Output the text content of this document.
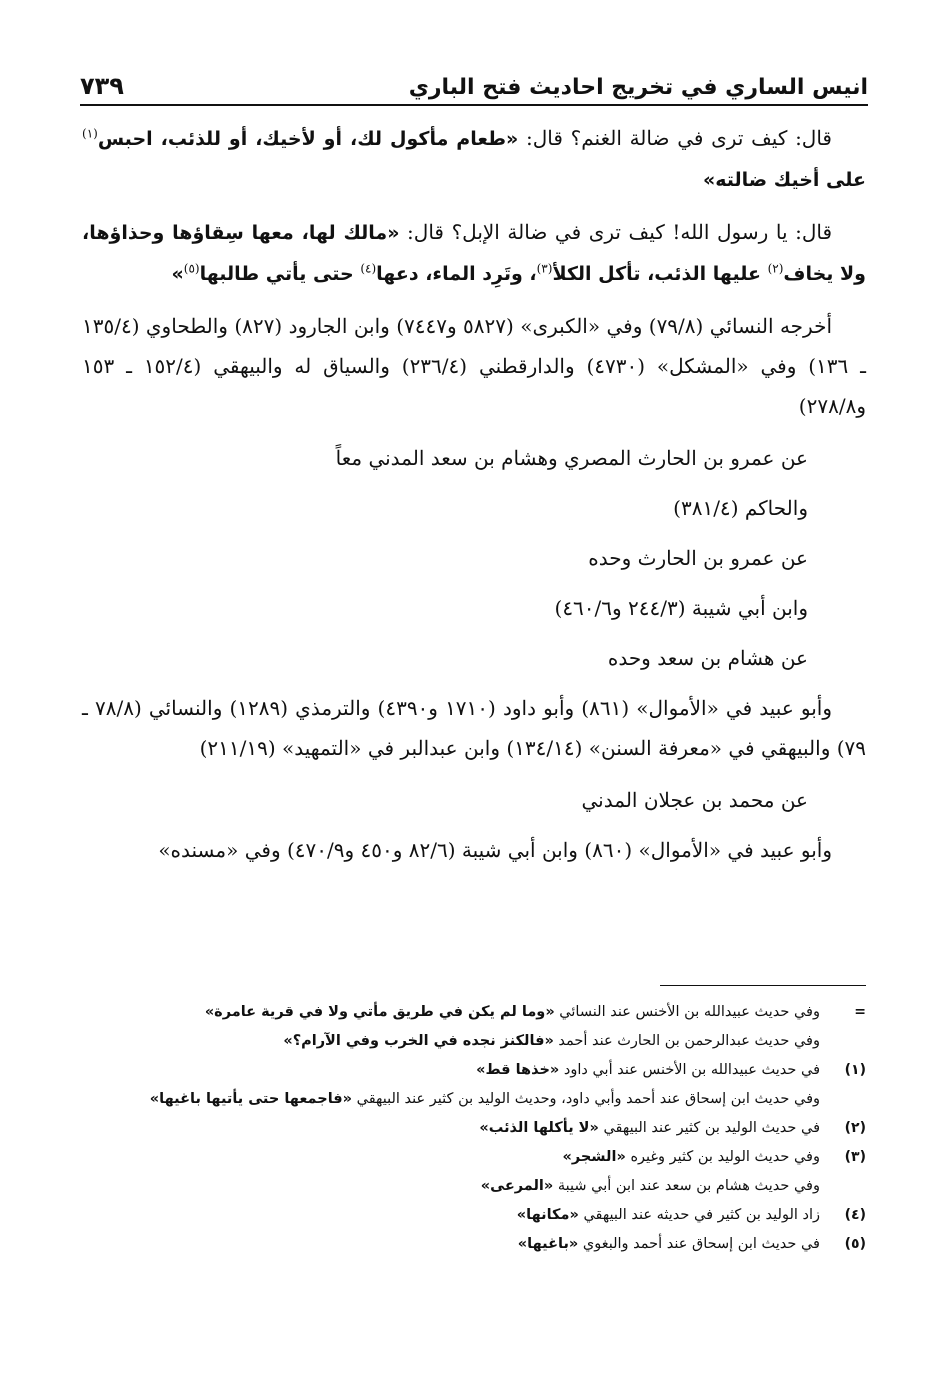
انيس الساري في تخريج احاديث فتح الباري
٧٣٩

قال: كيف ترى في ضالة الغنم؟ قال: «طعام مأكول لك، أو لأخيك، أو للذئب، احبس$^{(١)}$ على أخيك ضالته»

قال: يا رسول الله! كيف ترى في ضالة الإبل؟ قال: «مالك لها، معها سِقاؤها وحذاؤها، ولا يخاف$^{(٢)}$ عليها الذئب، تأكل الكلأ$^{(٣)}$، وتَرِد الماء، دعها$^{(٤)}$ حتى يأتي طالبها$^{(٥)}$»

أخرجه النسائي (٧٩/٨) وفي «الكبرى» (٥٨٢٧ و٧٤٤٧) وابن الجارود (٨٢٧) والطحاوي (١٣٥/٤ ـ ١٣٦) وفي «المشكل» (٤٧٣٠) والدارقطني (٢٣٦/٤) والسياق له والبيهقي (١٥٢/٤ ـ ١٥٣ و٢٧٨/٨)

عن عمرو بن الحارث المصري وهشام بن سعد المدني معاً

والحاكم (٣٨١/٤)

عن عمرو بن الحارث وحده

وابن أبي شيبة (٢٤٤/٣ و٤٦٠/٦)

عن هشام بن سعد وحده

وأبو عبيد في «الأموال» (٨٦١) وأبو داود (١٧١٠ و٤٣٩٠) والترمذي (١٢٨٩) والنسائي (٧٨/٨ ـ ٧٩) والبيهقي في «معرفة السنن» (١٣٤/١٤) وابن عبدالبر في «التمهيد» (٢١١/١٩)

عن محمد بن عجلان المدني

وأبو عبيد في «الأموال» (٨٦٠) وابن أبي شيبة (٨٢/٦ و٤٥٠ و٤٧٠/٩) وفي «مسنده»

=
وفي حديث عبيدالله بن الأخنس عند النسائي «وما لم يكن في طريق مأتي ولا في قرية عامرة»
وفي حديث عبدالرحمن بن الحارث عند أحمد «فالكنز نجده في الخرب وفي الآرام؟»
(١)
في حديث عبيدالله بن الأخنس عند أبي داود «خذها قط»
وفي حديث ابن إسحاق عند أحمد وأبي داود، وحديث الوليد بن كثير عند البيهقي «فاجمعها حتى يأتيها باغيها»
(٢)
في حديث الوليد بن كثير عند البيهقي «لا يأكلها الذئب»
(٣)
وفي حديث الوليد بن كثير وغيره «الشجر»
وفي حديث هشام بن سعد عند ابن أبي شيبة «المرعى»
(٤)
زاد الوليد بن كثير في حديثه عند البيهقي «مكانها»
(٥)
في حديث ابن إسحاق عند أحمد والبغوي «باغيها»
